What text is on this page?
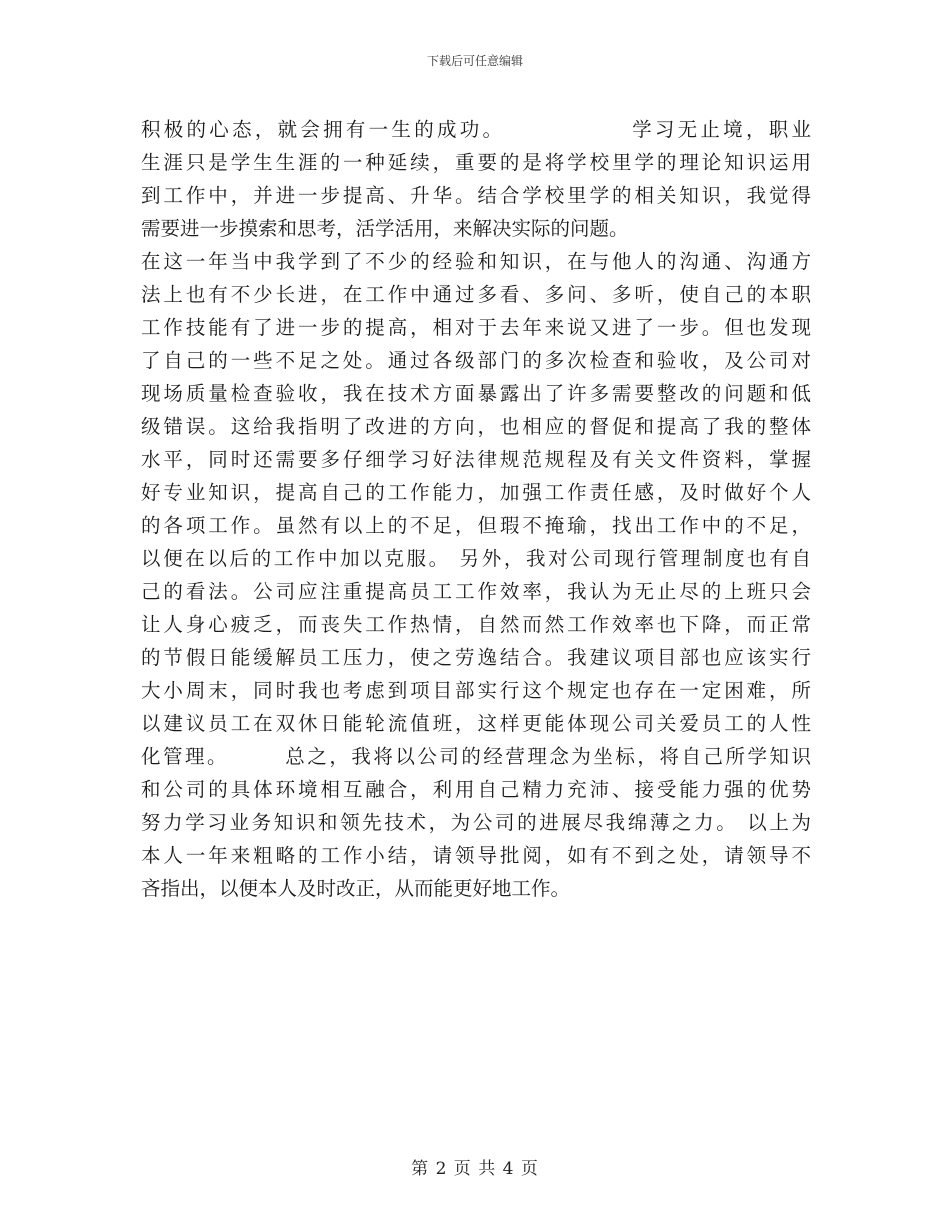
下载后可任意编辑
积极的心态，就会拥有一生的成功。　　　　　　学习无止境，职业
生涯只是学生生涯的一种延续，重要的是将学校里学的理论知识运用
到工作中，并进一步提高、升华。结合学校里学的相关知识，我觉得
需要进一步摸索和思考，活学活用，来解决实际的问题。
在这一年当中我学到了不少的经验和知识，在与他人的沟通、沟通方
法上也有不少长进，在工作中通过多看、多问、多听，使自己的本职
工作技能有了进一步的提高，相对于去年来说又进了一步。但也发现
了自己的一些不足之处。通过各级部门的多次检查和验收，及公司对
现场质量检查验收，我在技术方面暴露出了许多需要整改的问题和低
级错误。这给我指明了改进的方向，也相应的督促和提高了我的整体
水平，同时还需要多仔细学习好法律规范规程及有关文件资料，掌握
好专业知识，提高自己的工作能力，加强工作责任感，及时做好个人
的各项工作。虽然有以上的不足，但瑕不掩瑜，找出工作中的不足，
以便在以后的工作中加以克服。 另外，我对公司现行管理制度也有自
己的看法。公司应注重提高员工工作效率，我认为无止尽的上班只会
让人身心疲乏，而丧失工作热情，自然而然工作效率也下降，而正常
的节假日能缓解员工压力，使之劳逸结合。我建议项目部也应该实行
大小周末，同时我也考虑到项目部实行这个规定也存在一定困难，所
以建议员工在双休日能轮流值班，这样更能体现公司关爱员工的人性
化管理。　　　总之，我将以公司的经营理念为坐标，将自己所学知识
和公司的具体环境相互融合，利用自己精力充沛、接受能力强的优势
努力学习业务知识和领先技术，为公司的进展尽我绵薄之力。 以上为
本人一年来粗略的工作小结，请领导批阅，如有不到之处，请领导不
吝指出，以便本人及时改正，从而能更好地工作。
第 2 页 共 4 页
